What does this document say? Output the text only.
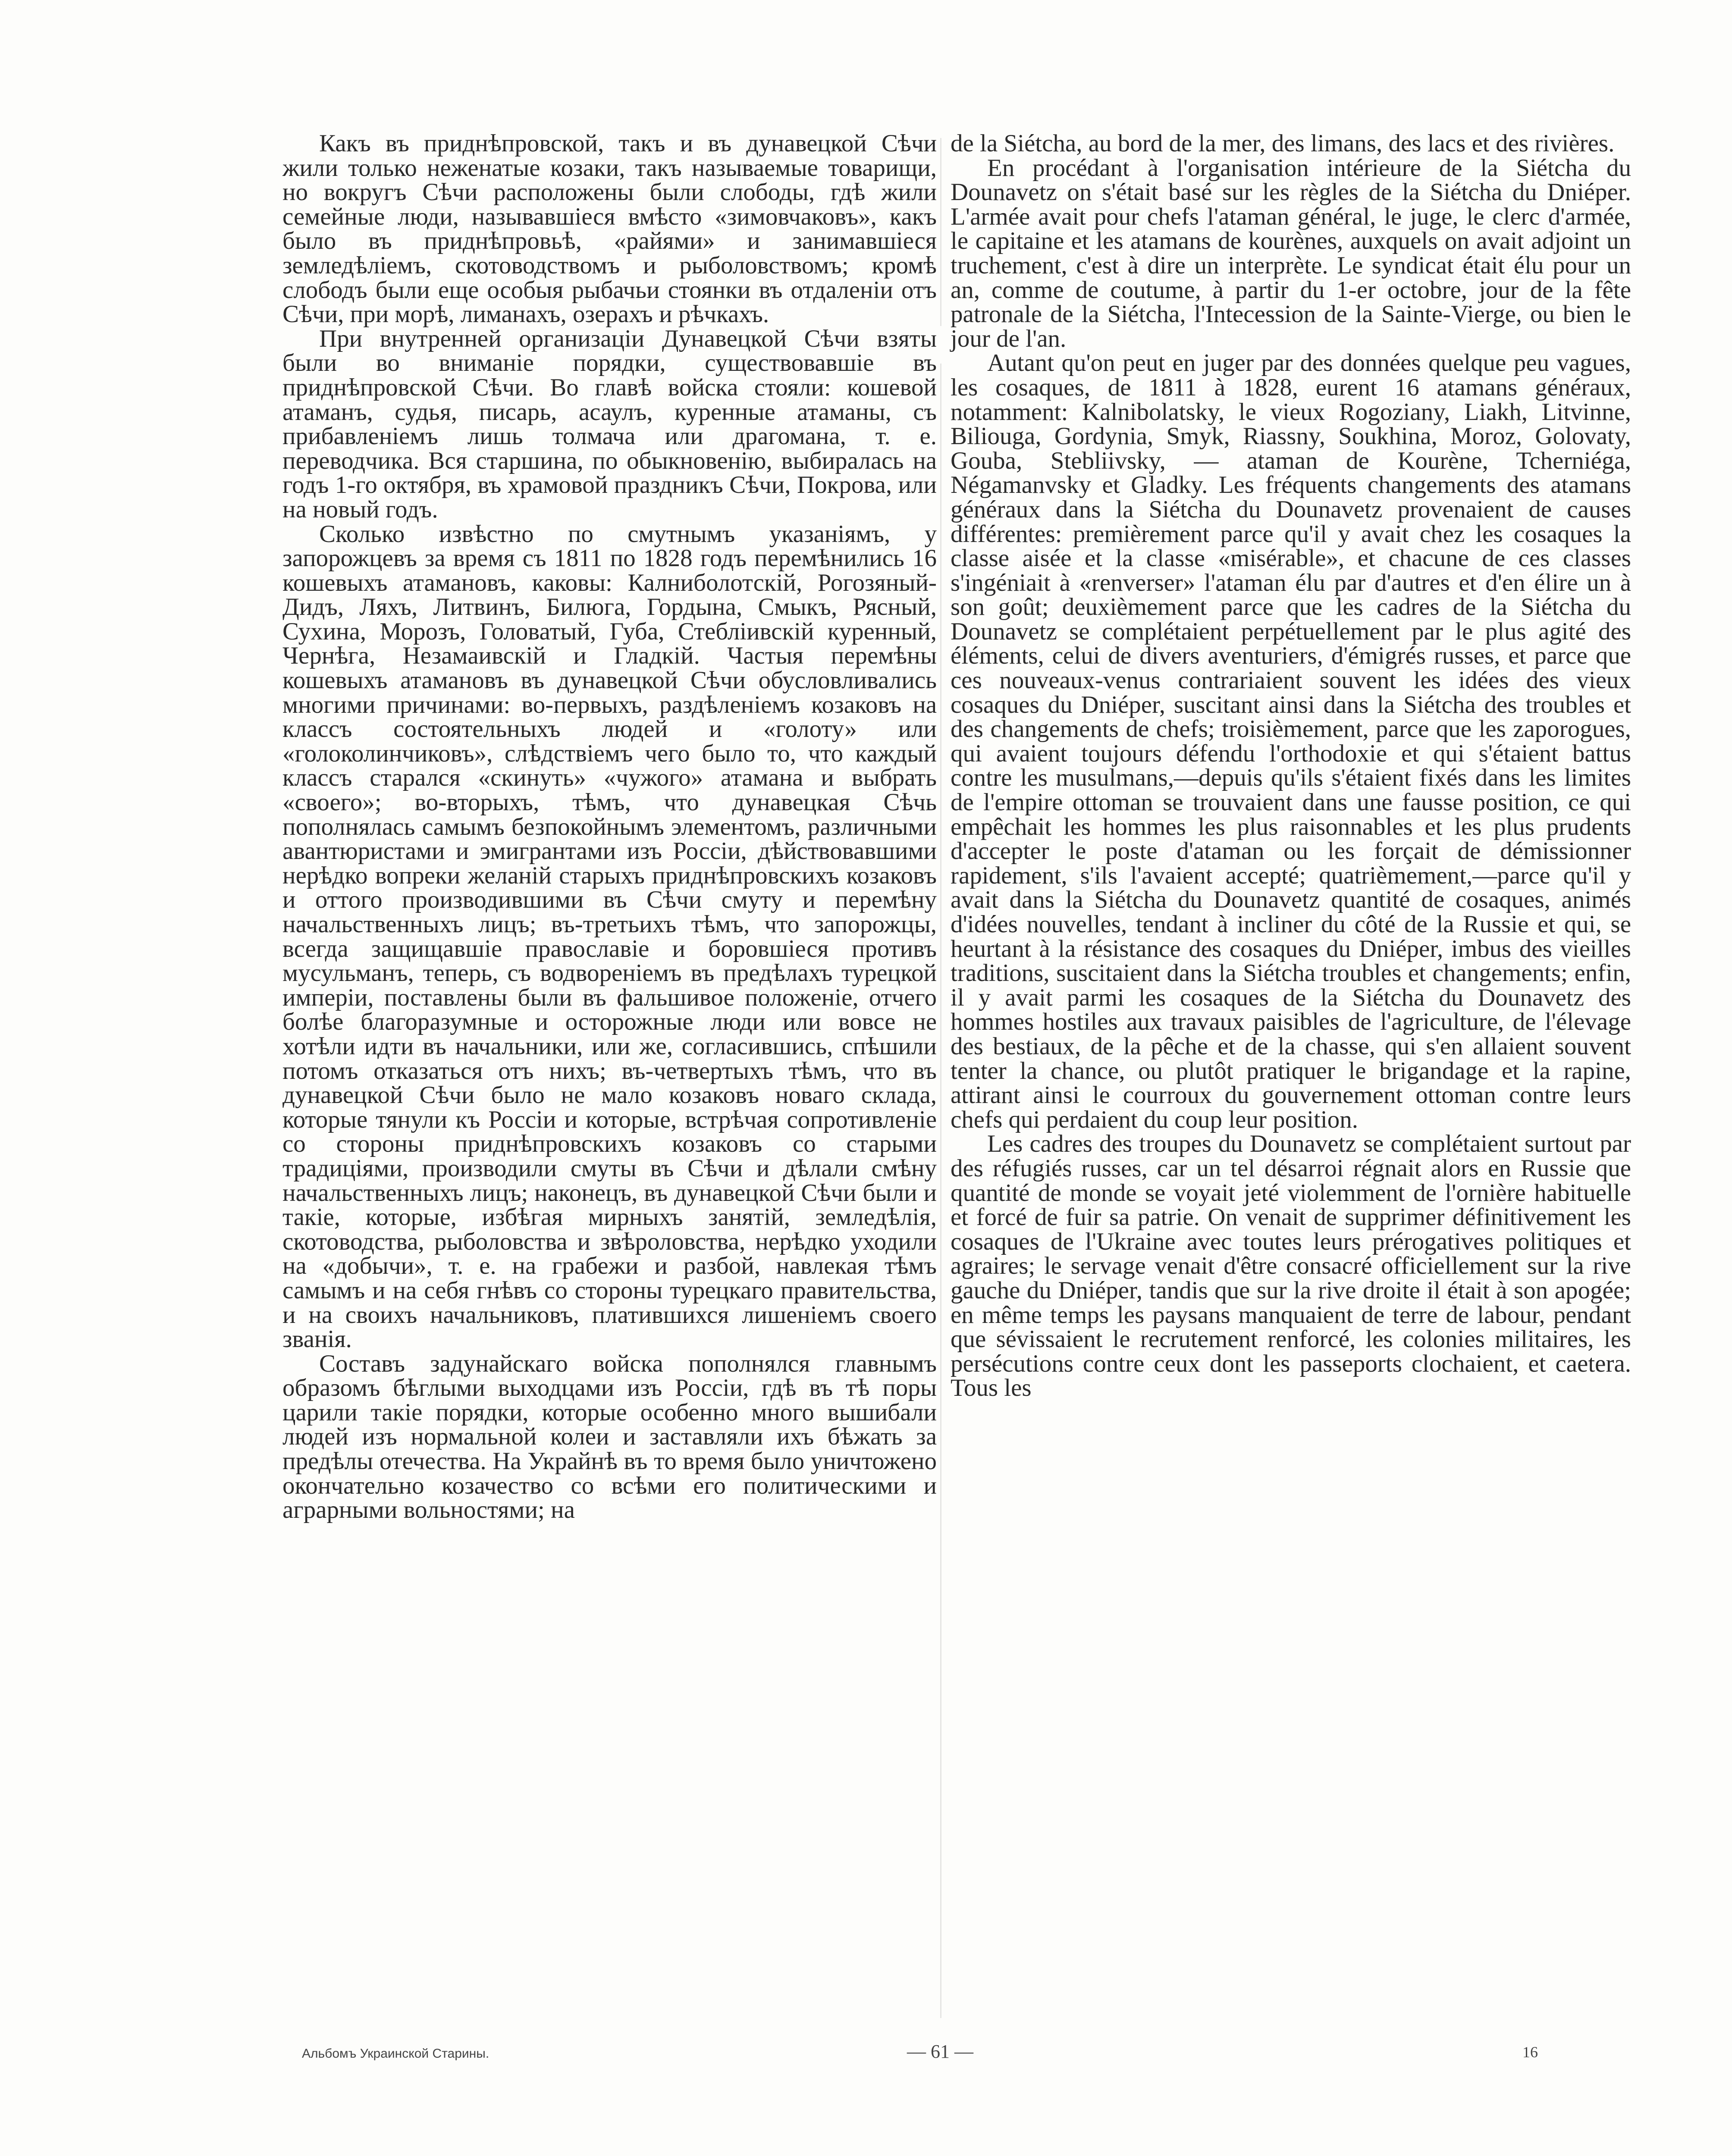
Какъ въ приднѣпровской, такъ и въ дунавецкой Сѣчи жили только неженатые козаки, такъ называемые товарищи, но вокругъ Сѣчи расположены были слободы, гдѣ жили семейные люди, называвшiеся вмѣсто «зимовчаковъ», какъ было въ приднѣпровьѣ, «райями» и занимавшiеся земледѣлiемъ, скотоводствомъ и рыболовствомъ; кромѣ слободъ были еще особыя рыбачьи стоянки въ отдаленiи отъ Сѣчи, при морѣ, лиманахъ, озерахъ и рѣчкахъ.

При внутренней организацiи Дунавецкой Сѣчи взяты были во вниманiе порядки, существовавшiе въ приднѣпровской Сѣчи. Во главѣ войска стояли: кошевой атаманъ, судья, писарь, асаулъ, куренные атаманы, съ прибавленiемъ лишь толмача или драгомана, т. е. переводчика. Вся старшина, по обыкновенiю, выбиралась на годъ 1-го октября, въ храмовой праздникъ Сѣчи, Покрова, или на новый годъ.

Сколько извѣстно по смутнымъ указанiямъ, у запорожцевъ за время съ 1811 по 1828 годъ перемѣнились 16 кошевыхъ атамановъ, каковы: Калниболотскiй, Рогозяный-Дидъ, Ляхъ, Литвинъ, Билюга, Гордына, Смыкъ, Рясный, Сухина, Морозъ, Головатый, Губа, Стеблiивскiй куренный, Чернѣга, Незамаивскiй и Гладкiй. Частыя перемѣны кошевыхъ атамановъ въ дунавецкой Сѣчи обусловливались многими причинами: во-первыхъ, раздѣленiемъ козаковъ на классъ состоятельныхъ людей и «голоту» или «голоколинчиковъ», слѣдствiемъ чего было то, что каждый классъ старался «скинуть» «чужого» атамана и выбрать «своего»; во-вторыхъ, тѣмъ, что дунавецкая Сѣчь пополнялась самымъ безпокойнымъ элементомъ, различными авантюристами и эмигрантами изъ Россiи, дѣйствовавшими нерѣдко вопреки желанiй старыхъ приднѣпровскихъ козаковъ и оттого производившими въ Сѣчи смуту и перемѣну начальственныхъ лицъ; въ-третьихъ тѣмъ, что запорожцы, всегда защищавшiе православiе и боровшiеся противъ мусульманъ, теперь, съ водворенiемъ въ предѣлахъ турецкой имперiи, поставлены были въ фальшивое положенiе, отчего болѣе благоразумные и осторожные люди или вовсе не хотѣли идти въ начальники, или же, согласившись, спѣшили потомъ отказаться отъ нихъ; въ-четвертыхъ тѣмъ, что въ дунавецкой Сѣчи было не мало козаковъ новаго склада, которые тянули къ Россiи и которые, встрѣчая сопротивленiе со стороны приднѣпровскихъ козаковъ со старыми традицiями, производили смуты въ Сѣчи и дѣлали смѣну начальственныхъ лицъ; наконецъ, въ дунавецкой Сѣчи были и такiе, которые, избѣгая мирныхъ занятiй, земледѣлiя, скотоводства, рыболовства и звѣроловства, нерѣдко уходили на «добычи», т. е. на грабежи и разбой, навлекая тѣмъ самымъ и на себя гнѣвъ со стороны турецкаго правительства, и на своихъ начальниковъ, платившихся лишенiемъ своего званiя.

Составъ задунайскаго войска пополнялся главнымъ образомъ бѣглыми выходцами изъ Россiи, гдѣ въ тѣ поры царили такiе порядки, которые особенно много вышибали людей изъ нормальной колеи и заставляли ихъ бѣжать за предѣлы отечества. На Украйнѣ въ то время было уничтожено окончательно козачество со всѣми его политическими и аграрными вольностями; на

de la Siétcha, au bord de la mer, des limans, des lacs et des rivières.

En procédant à l'organisation intérieure de la Siétcha du Dounavetz on s'était basé sur les règles de la Siétcha du Dniéper. L'armée avait pour chefs l'ataman général, le juge, le clerc d'armée, le capitaine et les atamans de kourènes, auxquels on avait adjoint un truchement, c'est à dire un interprète. Le syndicat était élu pour un an, comme de coutume, à partir du 1-er octobre, jour de la fête patronale de la Siétcha, l'Intecession de la Sainte-Vierge, ou bien le jour de l'an.

Autant qu'on peut en juger par des données quelque peu vagues, les cosaques, de 1811 à 1828, eurent 16 atamans généraux, notamment: Kalnibolatsky, le vieux Rogoziany, Liakh, Litvinne, Biliouga, Gordynia, Smyk, Riassny, Soukhina, Moroz, Golovaty, Gouba, Stebliivsky, — ataman de Kourène, Tcherniéga, Négamanvsky et Gladky. Les fréquents changements des atamans généraux dans la Siétcha du Dounavetz provenaient de causes différentes: premièrement parce qu'il y avait chez les cosaques la classe aisée et la classe «misérable», et chacune de ces classes s'ingéniait à «renverser» l'ataman élu par d'autres et d'en élire un à son goût; deuxièmement parce que les cadres de la Siétcha du Dounavetz se complétaient perpétuellement par le plus agité des éléments, celui de divers aventuriers, d'émigrés russes, et parce que ces nouveaux-venus contrariaient souvent les idées des vieux cosaques du Dniéper, suscitant ainsi dans la Siétcha des troubles et des changements de chefs; troisièmement, parce que les zaporogues, qui avaient toujours défendu l'orthodoxie et qui s'étaient battus contre les musulmans,—depuis qu'ils s'étaient fixés dans les limites de l'empire ottoman se trouvaient dans une fausse position, ce qui empêchait les hommes les plus raisonnables et les plus prudents d'accepter le poste d'ataman ou les forçait de démissionner rapidement, s'ils l'avaient accepté; quatrièmement,—parce qu'il y avait dans la Siétcha du Dounavetz quantité de cosaques, animés d'idées nouvelles, tendant à incliner du côté de la Russie et qui, se heurtant à la résistance des cosaques du Dniéper, imbus des vieilles traditions, suscitaient dans la Siétcha troubles et changements; enfin, il y avait parmi les cosaques de la Siétcha du Dounavetz des hommes hostiles aux travaux paisibles de l'agriculture, de l'élevage des bestiaux, de la pêche et de la chasse, qui s'en allaient souvent tenter la chance, ou plutôt pratiquer le brigandage et la rapine, attirant ainsi le courroux du gouvernement ottoman contre leurs chefs qui perdaient du coup leur position.

Les cadres des troupes du Dounavetz se complétaient surtout par des réfugiés russes, car un tel désarroi régnait alors en Russie que quantité de monde se voyait jeté violemment de l'ornière habituelle et forcé de fuir sa patrie. On venait de supprimer définitivement les cosaques de l'Ukraine avec toutes leurs prérogatives politiques et agraires; le servage venait d'être consacré officiellement sur la rive gauche du Dniéper, tandis que sur la rive droite il était à son apogée; en même temps les paysans manquaient de terre de labour, pendant que sévissaient le recrutement renforcé, les colonies militaires, les persécutions contre ceux dont les passeports clochaient, et caetera. Tous les

Альбомъ Украинской Старины.	— 61 —	16
